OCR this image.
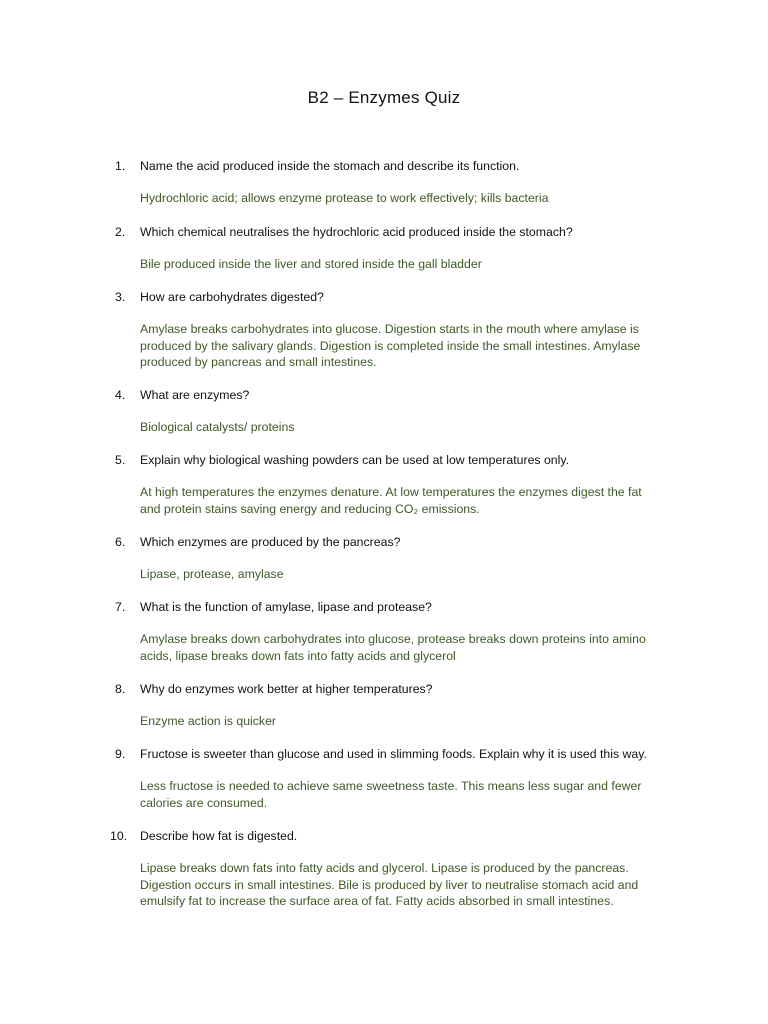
B2 – Enzymes Quiz
1. Name the acid produced inside the stomach and describe its function.
Hydrochloric acid; allows enzyme protease to work effectively; kills bacteria
2. Which chemical neutralises the hydrochloric acid produced inside the stomach?
Bile produced inside the liver and stored inside the gall bladder
3. How are carbohydrates digested?
Amylase breaks carbohydrates into glucose. Digestion starts in the mouth where amylase is
produced by the salivary glands. Digestion is completed inside the small intestines. Amylase
produced by pancreas and small intestines.
4. What are enzymes?
Biological catalysts/ proteins
5. Explain why biological washing powders can be used at low temperatures only.
At high temperatures the enzymes denature. At low temperatures the enzymes digest the fat
and protein stains saving energy and reducing CO₂ emissions.
6. Which enzymes are produced by the pancreas?
Lipase, protease, amylase
7. What is the function of amylase, lipase and protease?
Amylase breaks down carbohydrates into glucose, protease breaks down proteins into amino
acids, lipase breaks down fats into fatty acids and glycerol
8. Why do enzymes work better at higher temperatures?
Enzyme action is quicker
9. Fructose is sweeter than glucose and used in slimming foods. Explain why it is used this way.
Less fructose is needed to achieve same sweetness taste. This means less sugar and fewer
calories are consumed.
10. Describe how fat is digested.
Lipase breaks down fats into fatty acids and glycerol. Lipase is produced by the pancreas.
Digestion occurs in small intestines. Bile is produced by liver to neutralise stomach acid and
emulsify fat to increase the surface area of fat. Fatty acids absorbed in small intestines.
